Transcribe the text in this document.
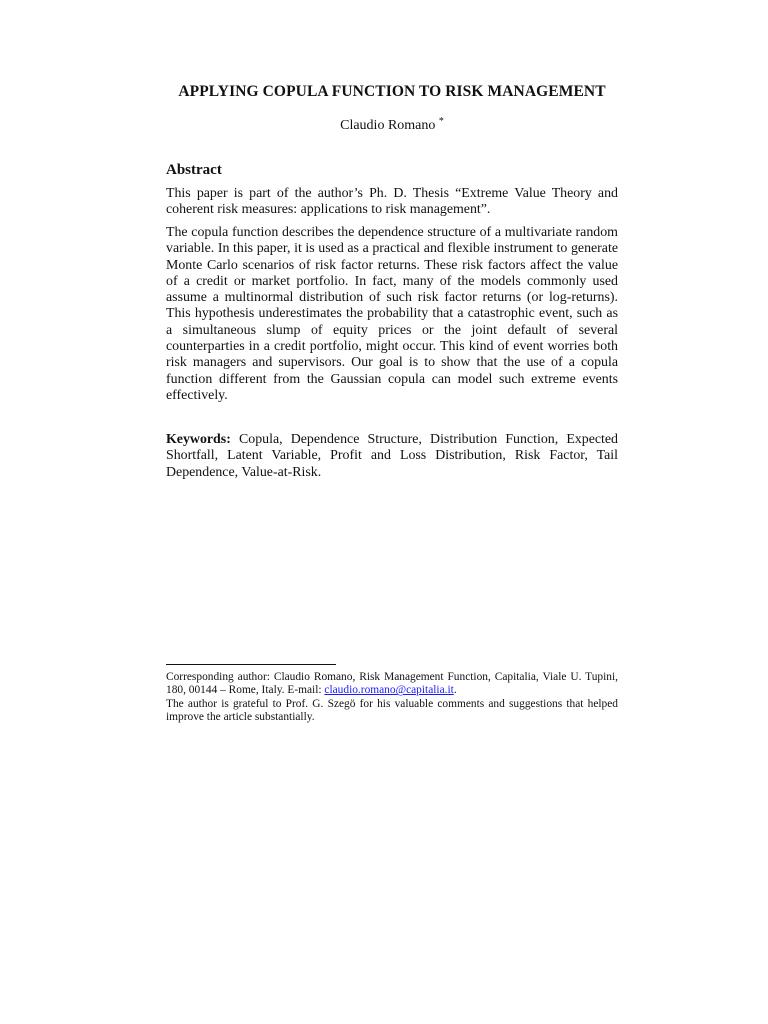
APPLYING COPULA FUNCTION TO RISK MANAGEMENT
Claudio Romano *
Abstract

This paper is part of the author’s Ph. D. Thesis “Extreme Value Theory and coherent risk measures: applications to risk management”.

The copula function describes the dependence structure of a multivariate random variable. In this paper, it is used as a practical and flexible instrument to generate Monte Carlo scenarios of risk factor returns. These risk factors affect the value of a credit or market portfolio. In fact, many of the models commonly used assume a multinormal distribution of such risk factor returns (or log-returns). This hypothesis underestimates the probability that a catastrophic event, such as a simultaneous slump of equity prices or the joint default of several counterparties in a credit portfolio, might occur. This kind of event worries both risk managers and supervisors. Our goal is to show that the use of a copula function different from the Gaussian copula can model such extreme events effectively.

Keywords: Copula, Dependence Structure, Distribution Function, Expected Shortfall, Latent Variable, Profit and Loss Distribution, Risk Factor, Tail Dependence, Value-at-Risk.

Corresponding author: Claudio Romano, Risk Management Function, Capitalia, Viale U. Tupini, 180, 00144 – Rome, Italy. E-mail: claudio.romano@capitalia.it.

The author is grateful to Prof. G. Szegö for his valuable comments and suggestions that helped improve the article substantially.
